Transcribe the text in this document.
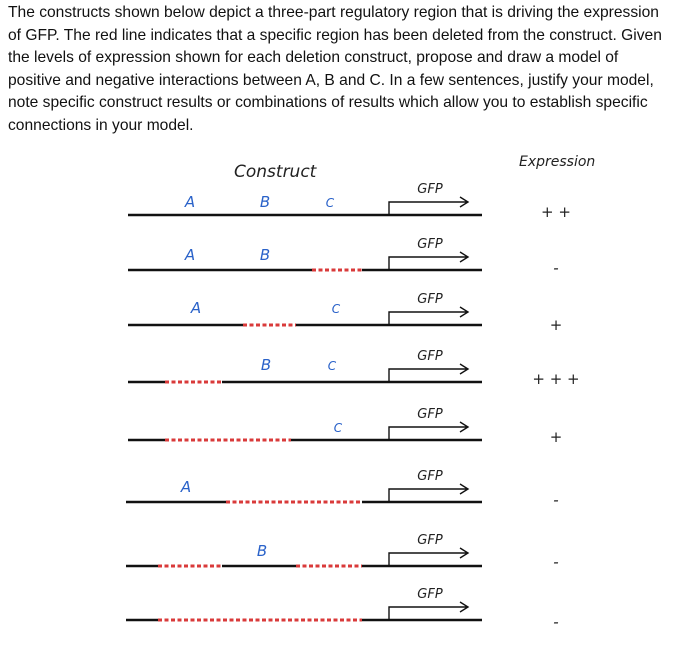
The constructs shown below depict a three-part regulatory region that is driving the expression
of GFP. The red line indicates that a specific region has been deleted from the construct. Given
the levels of expression shown for each deletion construct, propose and draw a model of
positive and negative interactions between A, B and C. In a few sentences, justify your model,
note specific construct results or combinations of results which allow you to establish specific
connections in your model.
Construct	Expression
A	B	C
GFP
+ +
A	B
GFP
-
A	C
GFP
+
B	C
GFP
+ + +
C
GFP
+
A
GFP
-
B
GFP
-
GFP
-
